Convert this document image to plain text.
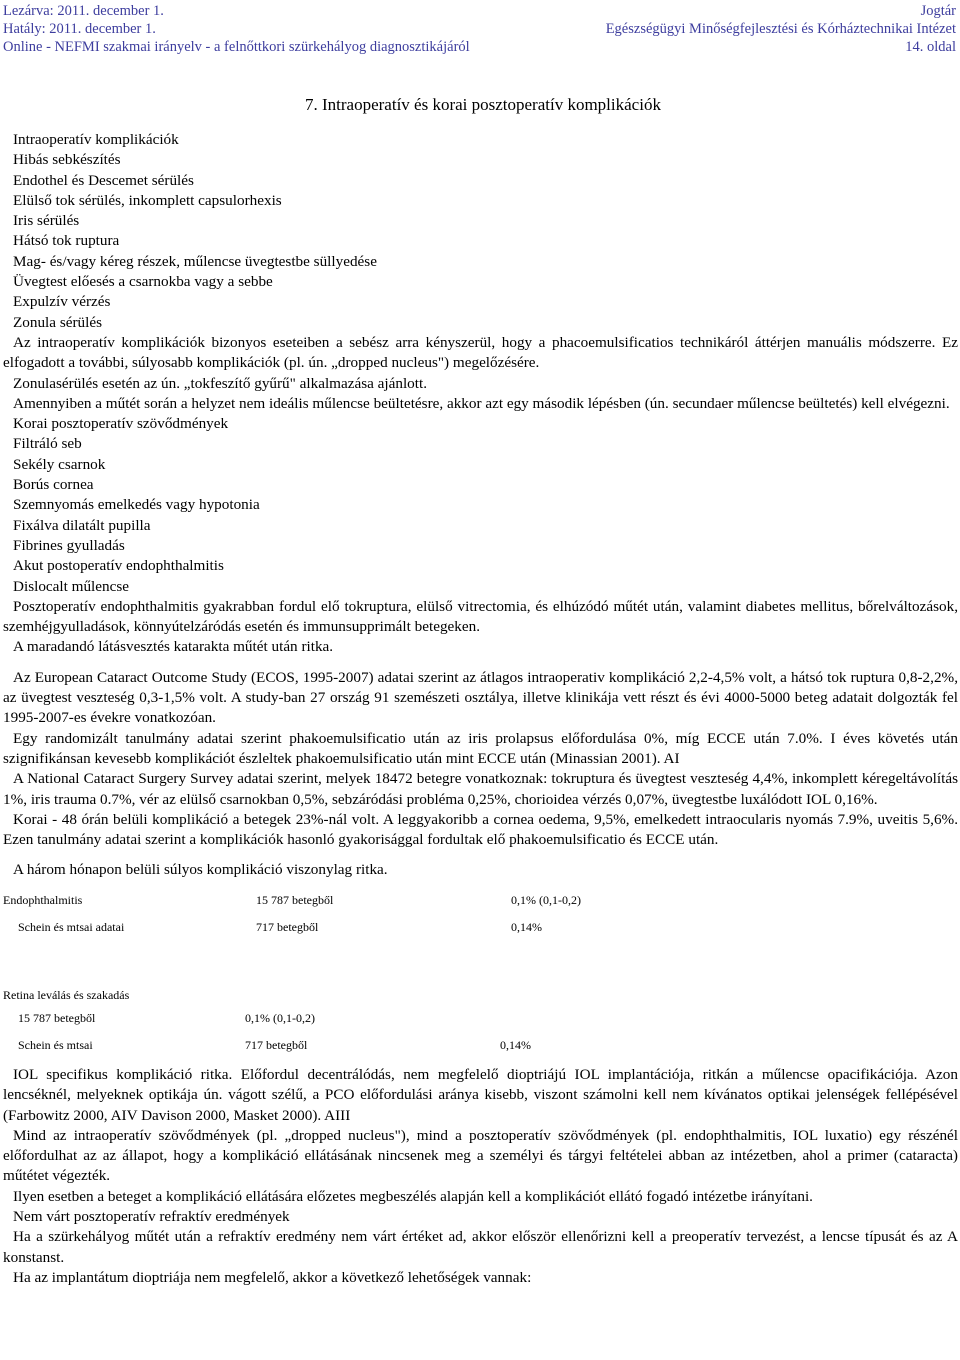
Lezárva: 2011. december 1.
Hatály: 2011. december 1.
Online - NEFMI szakmai irányelv - a felnőttkori szürkehályog diagnosztikájáról
Jogtár
Egészségügyi Minőségfejlesztési és Kórháztechnikai Intézet
14. oldal
7. Intraoperatív és korai posztoperatív komplikációk
Intraoperatív komplikációk
Hibás sebkészítés
Endothel és Descemet sérülés
Elülső tok sérülés, inkomplett capsulorhexis
Iris sérülés
Hátsó tok ruptura
Mag- és/vagy kéreg részek, műlencse üvegtestbe süllyedése
Üvegtest előesés a csarnokba vagy a sebbe
Expulzív vérzés
Zonula sérülés

Az intraoperatív komplikációk bizonyos eseteiben a sebész arra kényszerül, hogy a phacoemulsificatios technikáról áttérjen manuális módszerre. Ez elfogadott a további, súlyosabb komplikációk (pl. ún. „dropped nucleus") megelőzésére.

Zonulasérülés esetén az ún. „tokfeszítő gyűrű" alkalmazása ajánlott.

Amennyiben a műtét során a helyzet nem ideális műlencse beültetésre, akkor azt egy második lépésben (ún. secundaer műlencse beültetés) kell elvégezni.

Korai posztoperatív szövődmények
Filtráló seb
Sekély csarnok
Borús cornea
Szemnyomás emelkedés vagy hypotonia
Fixálva dilatált pupilla
Fibrines gyulladás
Akut postoperatív endophthalmitis
Dislocalt műlencse

Posztoperatív endophthalmitis gyakrabban fordul elő tokruptura, elülső vitrectomia, és elhúzódó műtét után, valamint diabetes mellitus, bőrelváltozások, szemhéjgyulladások, könnyútelzáródás esetén és immunsupprimált betegeken.

A maradandó látásvesztés katarakta műtét után ritka.

Az European Cataract Outcome Study (ECOS, 1995-2007) adatai szerint az átlagos intraoperativ komplikáció 2,2-4,5% volt, a hátsó tok ruptura 0,8-2,2%, az üvegtest veszteség 0,3-1,5% volt. A study-ban 27 ország 91 szemészeti osztálya, illetve klinikája vett részt és évi 4000-5000 beteg adatait dolgozták fel 1995-2007-es évekre vonatkozóan.

Egy randomizált tanulmány adatai szerint phakoemulsificatio után az iris prolapsus előfordulása 0%, míg ECCE után 7.0%. I éves követés után szignifikánsan kevesebb komplikációt észleltek phakoemulsificatio után mint ECCE után (Minassian 2001). AI

A National Cataract Surgery Survey adatai szerint, melyek 18472 betegre vonatkoznak: tokruptura és üvegtest veszteség 4,4%, inkomplett kéregeltávolítás 1%, iris trauma 0.7%, vér az elülső csarnokban 0,5%, sebzáródási probléma 0,25%, chorioidea vérzés 0,07%, üvegtestbe luxálódott IOL 0,16%.

Korai - 48 órán belüli komplikáció a betegek 23%-nál volt. A leggyakoribb a cornea oedema, 9,5%, emelkedett intraocularis nyomás 7.9%, uveitis 5,6%. Ezen tanulmány adatai szerint a komplikációk hasonló gyakorisággal fordultak elő phakoemulsificatio és ECCE után.

A három hónapon belüli súlyos komplikáció viszonylag ritka.

Endophthalmitis	15 787 betegből	0,1% (0,1-0,2)
Schein és mtsai adatai	717 betegből	0,14%
Retina leválás és szakadás
15 787 betegből	0,1% (0,1-0,2)	
Schein és mtsai	717 betegből	0,14%

IOL specifikus komplikáció ritka. Előfordul decentrálódás, nem megfelelő dioptriájú IOL implantációja, ritkán a műlencse opacifikációja. Azon lencséknél, melyeknek optikája ún. vágott szélű, a PCO előfordulási aránya kisebb, viszont számolni kell nem kívánatos optikai jelenségek fellépésével (Farbowitz 2000, AIV Davison 2000, Masket 2000). AIII

Mind az intraoperatív szövődmények (pl. „dropped nucleus"), mind a posztoperatív szövődmények (pl. endophthalmitis, IOL luxatio) egy részénél előfordulhat az az állapot, hogy a komplikáció ellátásának nincsenek meg a személyi és tárgyi feltételei abban az intézetben, ahol a primer (cataracta) műtétet végezték.

Ilyen esetben a beteget a komplikáció ellátására előzetes megbeszélés alapján kell a komplikációt ellátó fogadó intézetbe irányítani.

Nem várt posztoperatív refraktív eredmények

Ha a szürkehályog műtét után a refraktív eredmény nem várt értéket ad, akkor először ellenőrizni kell a preoperatív tervezést, a lencse típusát és az A konstanst.

Ha az implantátum dioptriája nem megfelelő, akkor a következő lehetőségek vannak:
